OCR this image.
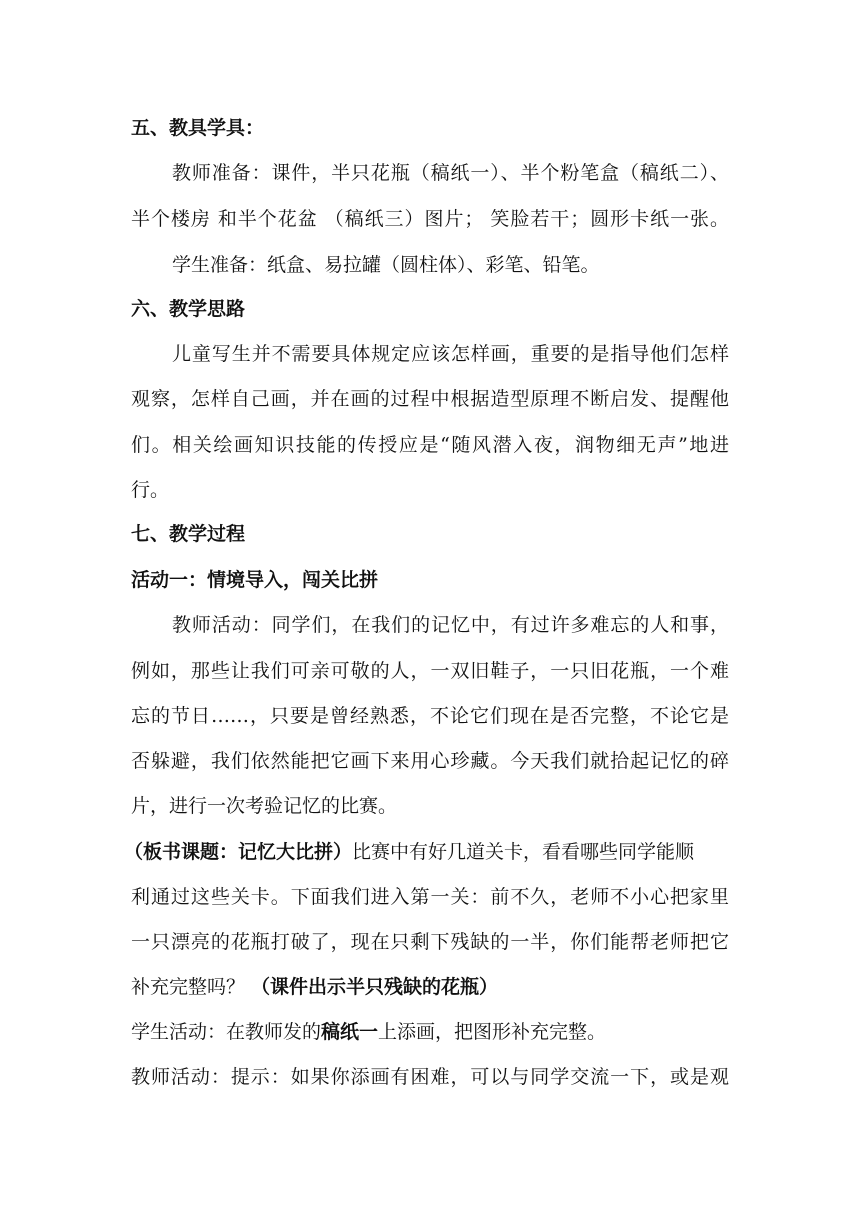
五、教具学具：
教师准备：课件，半只花瓶（稿纸一）、半个粉笔盒（稿纸二）、
半个楼房 和半个花盆 （稿纸三）图片； 笑脸若干；圆形卡纸一张。
学生准备：纸盒、易拉罐（圆柱体）、彩笔、铅笔。
六、教学思路
儿童写生并不需要具体规定应该怎样画，重要的是指导他们怎样
观察，怎样自己画，并在画的过程中根据造型原理不断启发、提醒他
们。相关绘画知识技能的传授应是“随风潜入夜，润物细无声”地进
行。
七、教学过程
活动一：情境导入，闯关比拼
教师活动：同学们，在我们的记忆中，有过许多难忘的人和事，
例如，那些让我们可亲可敬的人，一双旧鞋子，一只旧花瓶，一个难
忘的节日……，只要是曾经熟悉，不论它们现在是否完整，不论它是
否躲避，我们依然能把它画下来用心珍藏。今天我们就拾起记忆的碎
片，进行一次考验记忆的比赛。
（板书课题：记忆大比拼）比赛中有好几道关卡，看看哪些同学能顺
利通过这些关卡。下面我们进入第一关：前不久，老师不小心把家里
一只漂亮的花瓶打破了，现在只剩下残缺的一半，你们能帮老师把它
补充完整吗？ （课件出示半只残缺的花瓶）
学生活动：在教师发的稿纸一上添画，把图形补充完整。
教师活动：提示：如果你添画有困难，可以与同学交流一下，或是观
